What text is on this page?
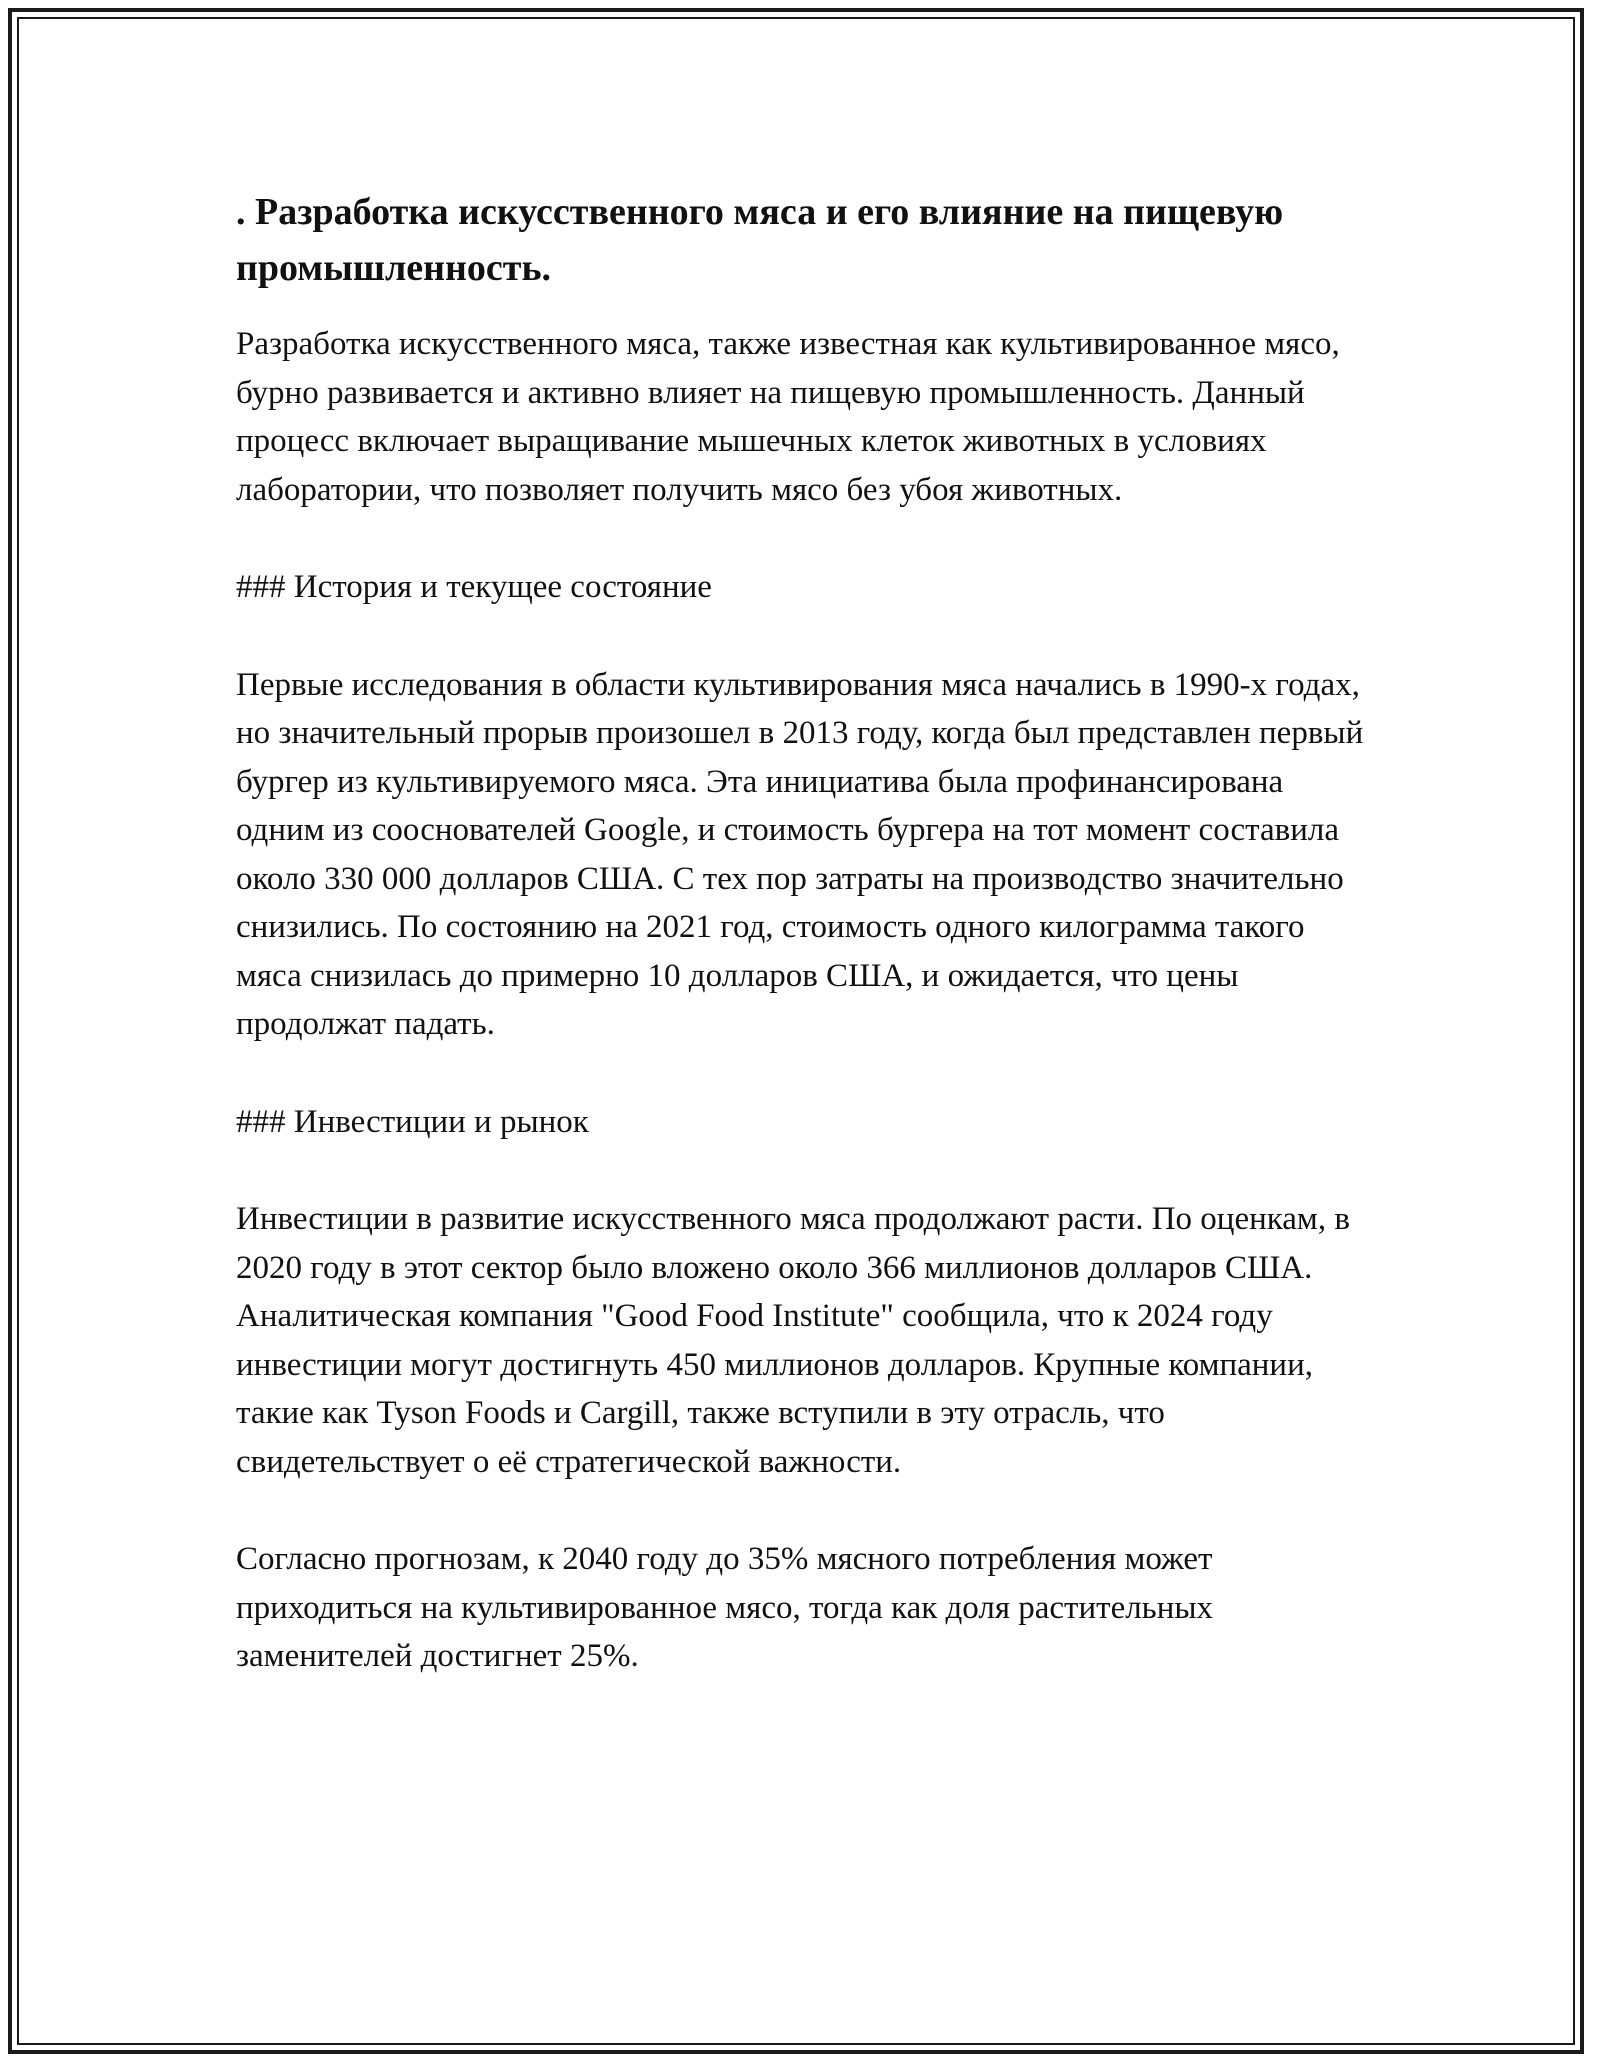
. Разработка искусственного мяса и его влияние на пищевую промышленность.

Разработка искусственного мяса, также известная как культивированное мясо, бурно развивается и активно влияет на пищевую промышленность. Данный процесс включает выращивание мышечных клеток животных в условиях лаборатории, что позволяет получить мясо без убоя животных.

### История и текущее состояние

Первые исследования в области культивирования мяса начались в 1990-х годах, но значительный прорыв произошел в 2013 году, когда был представлен первый бургер из культивируемого мяса. Эта инициатива была профинансирована одним из сооснователей Google, и стоимость бургера на тот момент составила около 330 000 долларов США. С тех пор затраты на производство значительно снизились. По состоянию на 2021 год, стоимость одного килограмма такого мяса снизилась до примерно 10 долларов США, и ожидается, что цены продолжат падать.

### Инвестиции и рынок

Инвестиции в развитие искусственного мяса продолжают расти. По оценкам, в 2020 году в этот сектор было вложено около 366 миллионов долларов США. Аналитическая компания "Good Food Institute" сообщила, что к 2024 году инвестиции могут достигнуть 450 миллионов долларов. Крупные компании, такие как Tyson Foods и Cargill, также вступили в эту отрасль, что свидетельствует о её стратегической важности.

Согласно прогнозам, к 2040 году до 35% мясного потребления может приходиться на культивированное мясо, тогда как доля растительных заменителей достигнет 25%.
